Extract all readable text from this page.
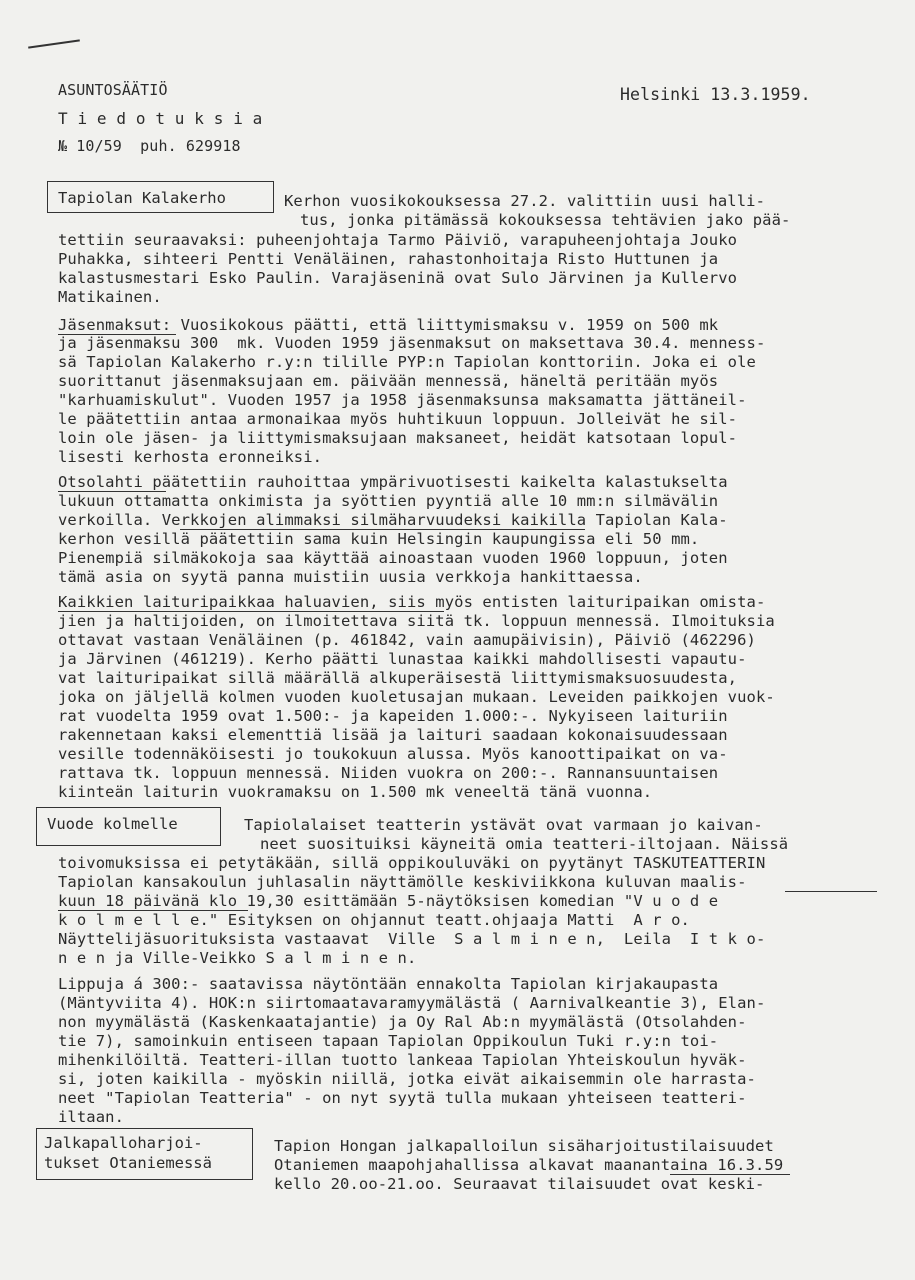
ASUNTOSÄÄTIÖ
T i e d o t u k s i a
№ 10/59  puh. 629918
Helsinki 13.3.1959.
Tapiolan Kalakerho	Kerhon vuosikokouksessa 27.2. valittiin uusi halli-
tus, jonka pitämässä kokouksessa tehtävien jako pää-
tettiin seuraavaksi: puheenjohtaja Tarmo Päiviö, varapuheenjohtaja Jouko
Puhakka, sihteeri Pentti Venäläinen, rahastonhoitaja Risto Huttunen ja
kalastusmestari Esko Paulin. Varajäseninä ovat Sulo Järvinen ja Kullervo
Matikainen.
Jäsenmaksut: Vuosikokous päätti, että liittymismaksu v. 1959 on 500 mk
ja jäsenmaksu 300  mk. Vuoden 1959 jäsenmaksut on maksettava 30.4. menness-
sä Tapiolan Kalakerho r.y:n tilille PYP:n Tapiolan konttoriin. Joka ei ole
suorittanut jäsenmaksujaan em. päivään mennessä, häneltä peritään myös
"karhuamiskulut". Vuoden 1957 ja 1958 jäsenmaksunsa maksamatta jättäneil-
le päätettiin antaa armonaikaa myös huhtikuun loppuun. Jolleivät he sil-
loin ole jäsen- ja liittymismaksujaan maksaneet, heidät katsotaan lopul-
lisesti kerhosta eronneiksi.
Otsolahti päätettiin rauhoittaa ympärivuotisesti kaikelta kalastukselta
lukuun ottamatta onkimista ja syöttien pyyntiä alle 10 mm:n silmävälin
verkoilla. Verkkojen alimmaksi silmäharvuudeksi kaikilla Tapiolan Kala-
kerhon vesillä päätettiin sama kuin Helsingin kaupungissa eli 50 mm.
Pienempiä silmäkokoja saa käyttää ainoastaan vuoden 1960 loppuun, joten
tämä asia on syytä panna muistiin uusia verkkoja hankittaessa.
Kaikkien laituripaikkaa haluavien, siis myös entisten laituripaikan omista-
jien ja haltijoiden, on ilmoitettava siitä tk. loppuun mennessä. Ilmoituksia
ottavat vastaan Venäläinen (p. 461842, vain aamupäivisin), Päiviö (462296)
ja Järvinen (461219). Kerho päätti lunastaa kaikki mahdollisesti vapautu-
vat laituripaikat sillä määrällä alkuperäisestä liittymismaksuosuudesta,
joka on jäljellä kolmen vuoden kuoletusajan mukaan. Leveiden paikkojen vuok-
rat vuodelta 1959 ovat 1.500:- ja kapeiden 1.000:-. Nykyiseen laituriin
rakennetaan kaksi elementtiä lisää ja laituri saadaan kokonaisuudessaan
vesille todennäköisesti jo toukokuun alussa. Myös kanoottipaikat on va-
rattava tk. loppuun mennessä. Niiden vuokra on 200:-. Rannansuuntaisen
kiinteän laiturin vuokramaksu on 1.500 mk veneeltä tänä vuonna.
Vuode kolmelle	Tapiolalaiset teatterin ystävät ovat varmaan jo kaivan-
neet suosituiksi käyneitä omia teatteri-iltojaan. Näissä
toivomuksissa ei petytäkään, sillä oppikouluväki on pyytänyt TASKUTEATTERIN
Tapiolan kansakoulun juhlasalin näyttämölle keskiviikkona kuluvan maalis-
kuun 18 päivänä klo 19,30 esittämään 5-näytöksisen komedian "V u o d e
k o l m e l l e." Esityksen on ohjannut teatt.ohjaaja Matti  A r o.
Näyttelijäsuorituksista vastaavat  Ville  S a l m i n e n,  Leila  I t k o-
n e n ja Ville-Veikko S a l m i n e n.
Lippuja á 300:- saatavissa näytöntään ennakolta Tapiolan kirjakaupasta
(Mäntyviita 4). HOK:n siirtomaatavaramyymälästä ( Aarnivalkeantie 3), Elan-
non myymälästä (Kaskenkaatajantie) ja Oy Ral Ab:n myymälästä (Otsolahden-
tie 7), samoinkuin entiseen tapaan Tapiolan Oppikoulun Tuki r.y:n toi-
mihenkilöiltä. Teatteri-illan tuotto lankeaa Tapiolan Yhteiskoulun hyväk-
si, joten kaikilla - myöskin niillä, jotka eivät aikaisemmin ole harrasta-
neet "Tapiolan Teatteria" - on nyt syytä tulla mukaan yhteiseen teatteri-
iltaan.
Jalkapalloharjoi-
tukset Otaniemessä
Tapion Hongan jalkapalloilun sisäharjoitustilaisuudet
Otaniemen maapohjahallissa alkavat maanantaina 16.3.59
kello 20.oo-21.oo. Seuraavat tilaisuudet ovat keski-
